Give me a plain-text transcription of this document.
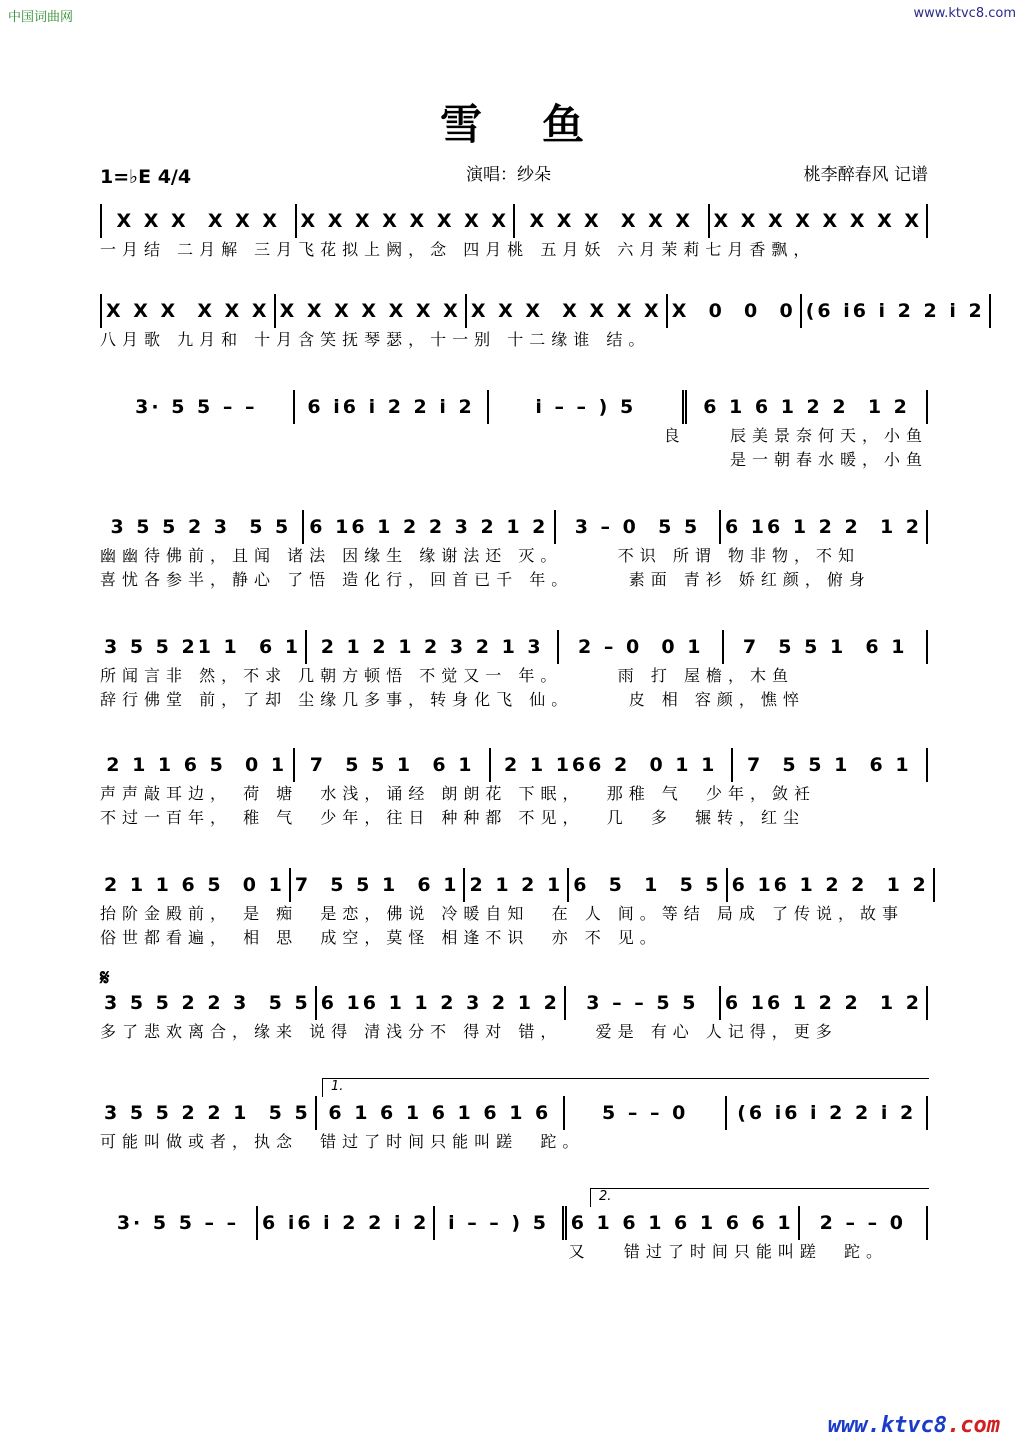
中国词曲网	www.ktvc8.com
雪鱼
1=♭E 4/4	演唱：纱朵	桃李醉春风 记谱
X X X  X X X	X X X X X X X X	X X X  X X X	X X X X X X X X
一月结 二月解 三月飞花拟上阙，念 四月桃 五月妖 六月茉莉七月香飘，
X X X  X X X X X X X X X X X X X  X X X X X  0  0  0 (6 i6 i 2 2 i 2
八月歌 九月和 十月含笑抚琴瑟，十一别 十二缘谁 结。
3· 5 5 – –	6 i6 i 2 2 i 2	i – – ) 5	6 1 6 1 2 2  1 2
良    辰美景奈何天，小鱼
是一朝春水暖，小鱼
3 5 5 2 3  5 5 6 16 1 2 2 3 2 1 2	3 – 0  5 5	6 16 1 2 2  1 2
幽幽待佛前，且闻 诸法 因缘生 缘谢法还 灭。     不识 所谓 物非物，不知
喜忧各参半，静心 了悟 造化行，回首已千 年。     素面 青衫 娇红颜，俯身
3 5 5 21 1  6 1	2 1 2 1 2 3 2 1 3	2 – 0  0 1	7  5 5 1  6 1
所闻言非 然，不求 几朝方顿悟 不觉又一 年。     雨 打 屋檐，木鱼
辞行佛堂 前，了却 尘缘几多事，转身化飞 仙。     皮 相 容颜，憔悴
2 1 1 6 5  0 1	7  5 5 1  6 1	2 1 166 2  0 1 1	7  5 5 1  6 1
声声敲耳边， 荷 塘  水浅，诵经 朗朗花 下眠，  那稚 气  少年，敛衽
不过一百年， 稚 气  少年，往日 种种都 不见，  几  多  辗转，红尘
2 1 1 6 5  0 1 7  5 5 1  6 1 2 1 2 1 6  5  1  5 5 6 16 1 2 2  1 2
抬阶金殿前， 是 痴  是恋，佛说 冷暖自知  在 人 间。等结 局成 了传说，故事
俗世都看遍， 相 思  成空，莫怪 相逢不识  亦 不 见。
𝄋
3 5 5 2 2 3  5 5 6 16 1 1 2 3 2 1 2	3 – – 5 5	6 16 1 2 2  1 2
多了悲欢离合，缘来 说得 清浅分不 得对 错，   爱是 有心 人记得，更多
1.
3 5 5 2 2 1  5 5 6 1 6 1 6 1 6 1 6	5 – – 0	(6 i6 i 2 2 i 2
可能叫做或者，执念  错过了时间只能叫蹉  跎。
2.
3· 5 5 – –	6 i6 i 2 2 i 2 i – – ) 5	6 1 6 1 6 1 6 6 1	2 – – 0
又   错过了时间只能叫蹉  跎。
www.ktvc8.com
